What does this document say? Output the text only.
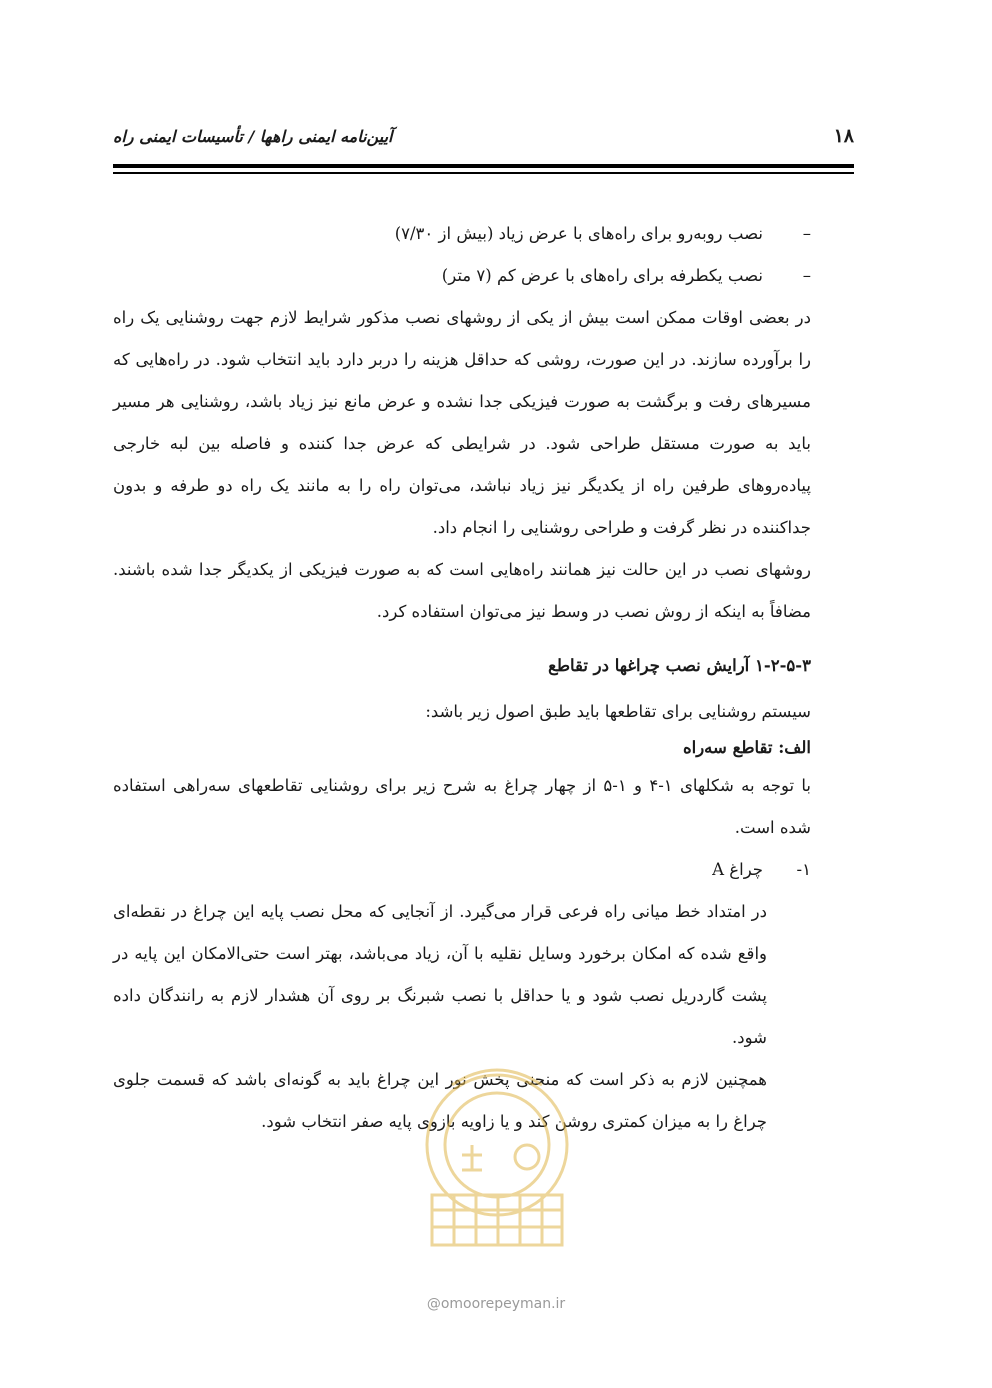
۱۸
آیین‌نامه ایمنی راهها / تأسیسات ایمنی راه

–
نصب روبه‌رو برای راه‌های با عرض زیاد (بیش از ۷/۳۰)

–
نصب یکطرفه برای راه‌های با عرض کم (۷ متر)

در بعضی اوقات ممکن است بیش از یکی از روشهای نصب مذکور شرایط لازم جهت روشنایی یک راه را برآورده سازند. در این صورت، روشی که حداقل هزینه را دربر دارد باید انتخاب شود. در راه‌هایی که مسیرهای رفت و برگشت به صورت فیزیکی جدا نشده و عرض مانع نیز زیاد باشد، روشنایی هر مسیر باید به صورت مستقل طراحی شود. در شرایطی که عرض جدا کننده و فاصله بین لبه خارجی پیاده‌روهای طرفین راه از یکدیگر نیز زیاد نباشد، می‌توان راه را به مانند یک راه دو طرفه و بدون جداکننده در نظر گرفت و طراحی روشنایی را انجام داد.

روشهای نصب در این حالت نیز همانند راه‌هایی است که به صورت فیزیکی از یکدیگر جدا شده باشند. مضافاً به اینکه از روش نصب در وسط نیز می‌توان استفاده کرد.

۱-۲-۵-۳ آرایش نصب چراغها در تقاطع

سیستم روشنایی برای تقاطعها باید طبق اصول زیر باشد:

الف: تقاطع سه‌راه

با توجه به شکلهای ۱-۴ و ۱-۵ از چهار چراغ به شرح زیر برای روشنایی تقاطعهای سه‌راهی استفاده شده است.

۱-
چراغ A

در امتداد خط میانی راه فرعی قرار می‌گیرد. از آنجایی که محل نصب پایه این چراغ در نقطه‌ای واقع شده که امکان برخورد وسایل نقلیه با آن، زیاد می‌باشد، بهتر است حتی‌الامکان این پایه در پشت گاردریل نصب شود و یا حداقل با نصب شبرنگ بر روی آن هشدار لازم به رانندگان داده شود.

همچنین لازم به ذکر است که منحنی پخش نور این چراغ باید به گونه‌ای باشد که قسمت جلوی چراغ را به میزان کمتری روشن کند و یا زاویه بازوی پایه صفر انتخاب شود.

@omoorepeyman.ir
